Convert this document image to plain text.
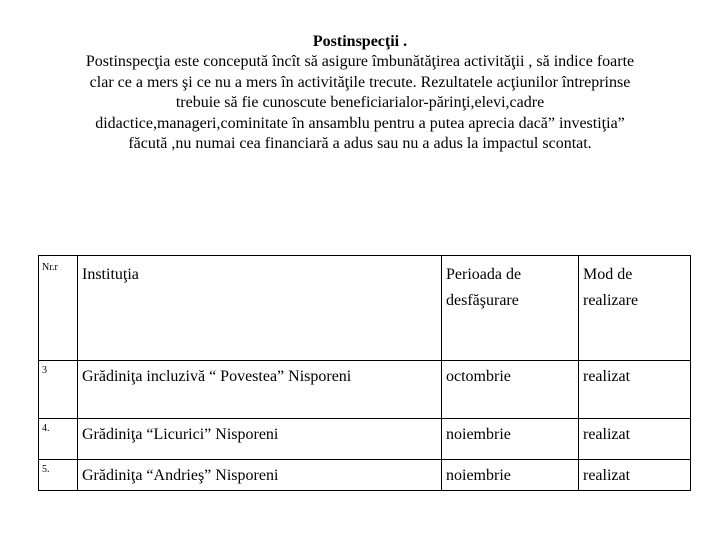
Postinspecţii .
Postinspecţia este concepută încît să asigure îmbunătăţirea activităţii , să indice foarte
clar ce a mers şi ce nu a mers în activităţile trecute. Rezultatele acţiunilor întreprinse
trebuie să fie cunoscute beneficiarialor-părinţi,elevi,cadre
didactice,manageri,cominitate în ansamblu pentru a putea aprecia dacă” investiţia”
făcută ,nu numai cea financiară a adus sau nu a adus la impactul scontat.
Nr.r	Instituţia	Perioada de desfăşurare	Mod de realizare

3	Grădiniţa incluzivă “ Povestea” Nisporeni	octombrie	realizat

4.	Grădiniţa “Licurici” Nisporeni	noiembrie	realizat

5.	Grădiniţa “Andrieş” Nisporeni	noiembrie	realizat
